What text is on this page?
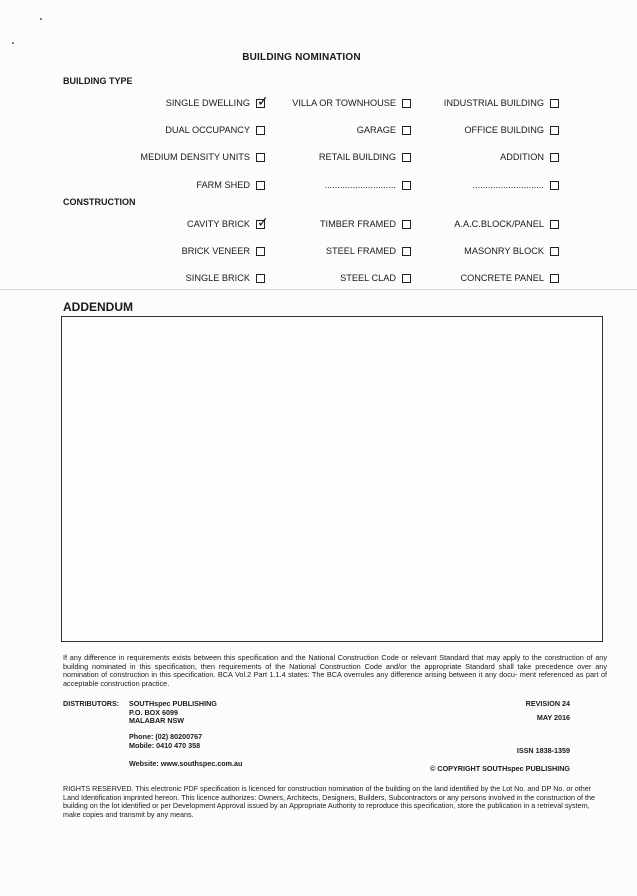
BUILDING NOMINATION
BUILDING TYPE
SINGLE DWELLING ✓	VILLA OR TOWNHOUSE	INDUSTRIAL BUILDING
DUAL OCCUPANCY	GARAGE	OFFICE BUILDING
MEDIUM DENSITY UNITS	RETAIL BUILDING	ADDITION
FARM SHED	............................	............................
CONSTRUCTION
CAVITY BRICK ✓	TIMBER FRAMED	A.A.C.BLOCK/PANEL
BRICK VENEER	STEEL FRAMED	MASONRY BLOCK
SINGLE BRICK	STEEL CLAD	CONCRETE PANEL
ADDENDUM
If any difference in requirements exists between this specification and the National Construction Code or relevant Standard that may apply to the construction of any building nominated in this specification, then requirements of the National Construction Code and/or the appropriate Standard shall take precedence over any nomination of construction in this specification. BCA Vol.2 Part 1.1.4 states: The BCA overrules any difference arising between it any docu- ment referenced as part of acceptable construction practice.
DISTRIBUTORS: SOUTHspec PUBLISHING
P.O. BOX 6099
MALABAR NSW
Phone: (02) 80200767
Mobile: 0410 470 358
Website: www.southspec.com.au
REVISION 24
MAY 2016
ISSN 1838-1359
© COPYRIGHT SOUTHspec PUBLISHING
RIGHTS RESERVED. This electronic PDF specification is licenced for construction nomination of the building on the land identified by the Lot No. and DP No. or other Land Identification imprinted hereon. This licence authorizes: Owners, Architects, Designers, Builders, Subcontractors or any persons involved in the construction of the building on the lot identified or per Development Approval issued by an Appropriate Authority to reproduce this specification, store the publication in a retrieval system, make copies and transmit by any means.
